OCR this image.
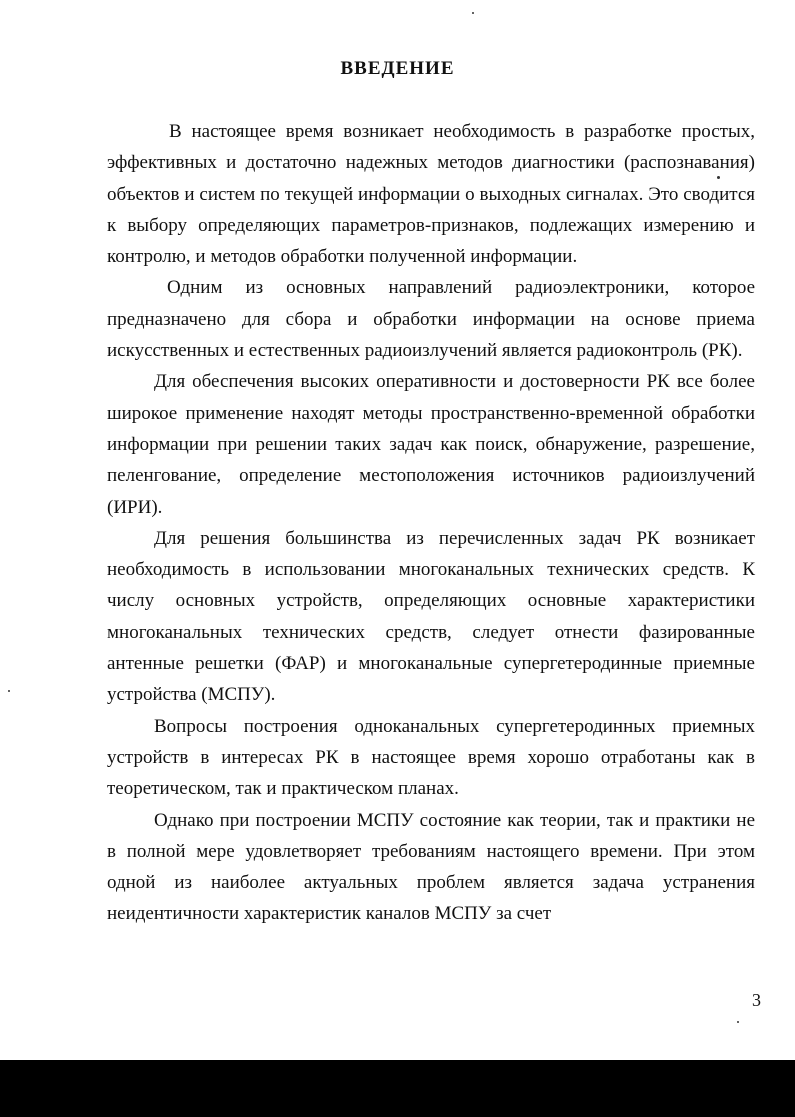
ВВЕДЕНИЕ

В настоящее время возникает необходимость в разработке простых, эффективных и достаточно надежных методов диагностики (распознавания) объектов и систем по текущей информации о выходных сигналах. Это сводится к выбору определяющих параметров-признаков, подлежащих измерению и контролю, и методов обработки полученной информации.

Одним из основных направлений радиоэлектроники, которое предназначено для сбора и обработки информации на основе приема искусственных и естественных радиоизлучений является радиоконтроль (РК).

Для обеспечения высоких оперативности и достоверности РК все более широкое применение находят методы пространственно-временной обработки информации при решении таких задач как поиск, обнаружение, разрешение, пеленгование, определение местоположения источников радиоизлучений (ИРИ).

Для решения большинства из перечисленных задач РК возникает необходимость в использовании многоканальных технических средств. К числу основных устройств, определяющих основные характеристики многоканальных технических средств, следует отнести фазированные антенные решетки (ФАР) и многоканальные супергетеродинные приемные устройства (МСПУ).

Вопросы построения одноканальных супергетеродинных приемных устройств в интересах РК в настоящее время хорошо отработаны как в теоретическом, так и практическом планах.

Однако при построении МСПУ состояние как теории, так и практики не в полной мере удовлетворяет требованиям настоящего времени. При этом одной из наиболее актуальных проблем является задача устранения неидентичности характеристик каналов МСПУ за счет

3
